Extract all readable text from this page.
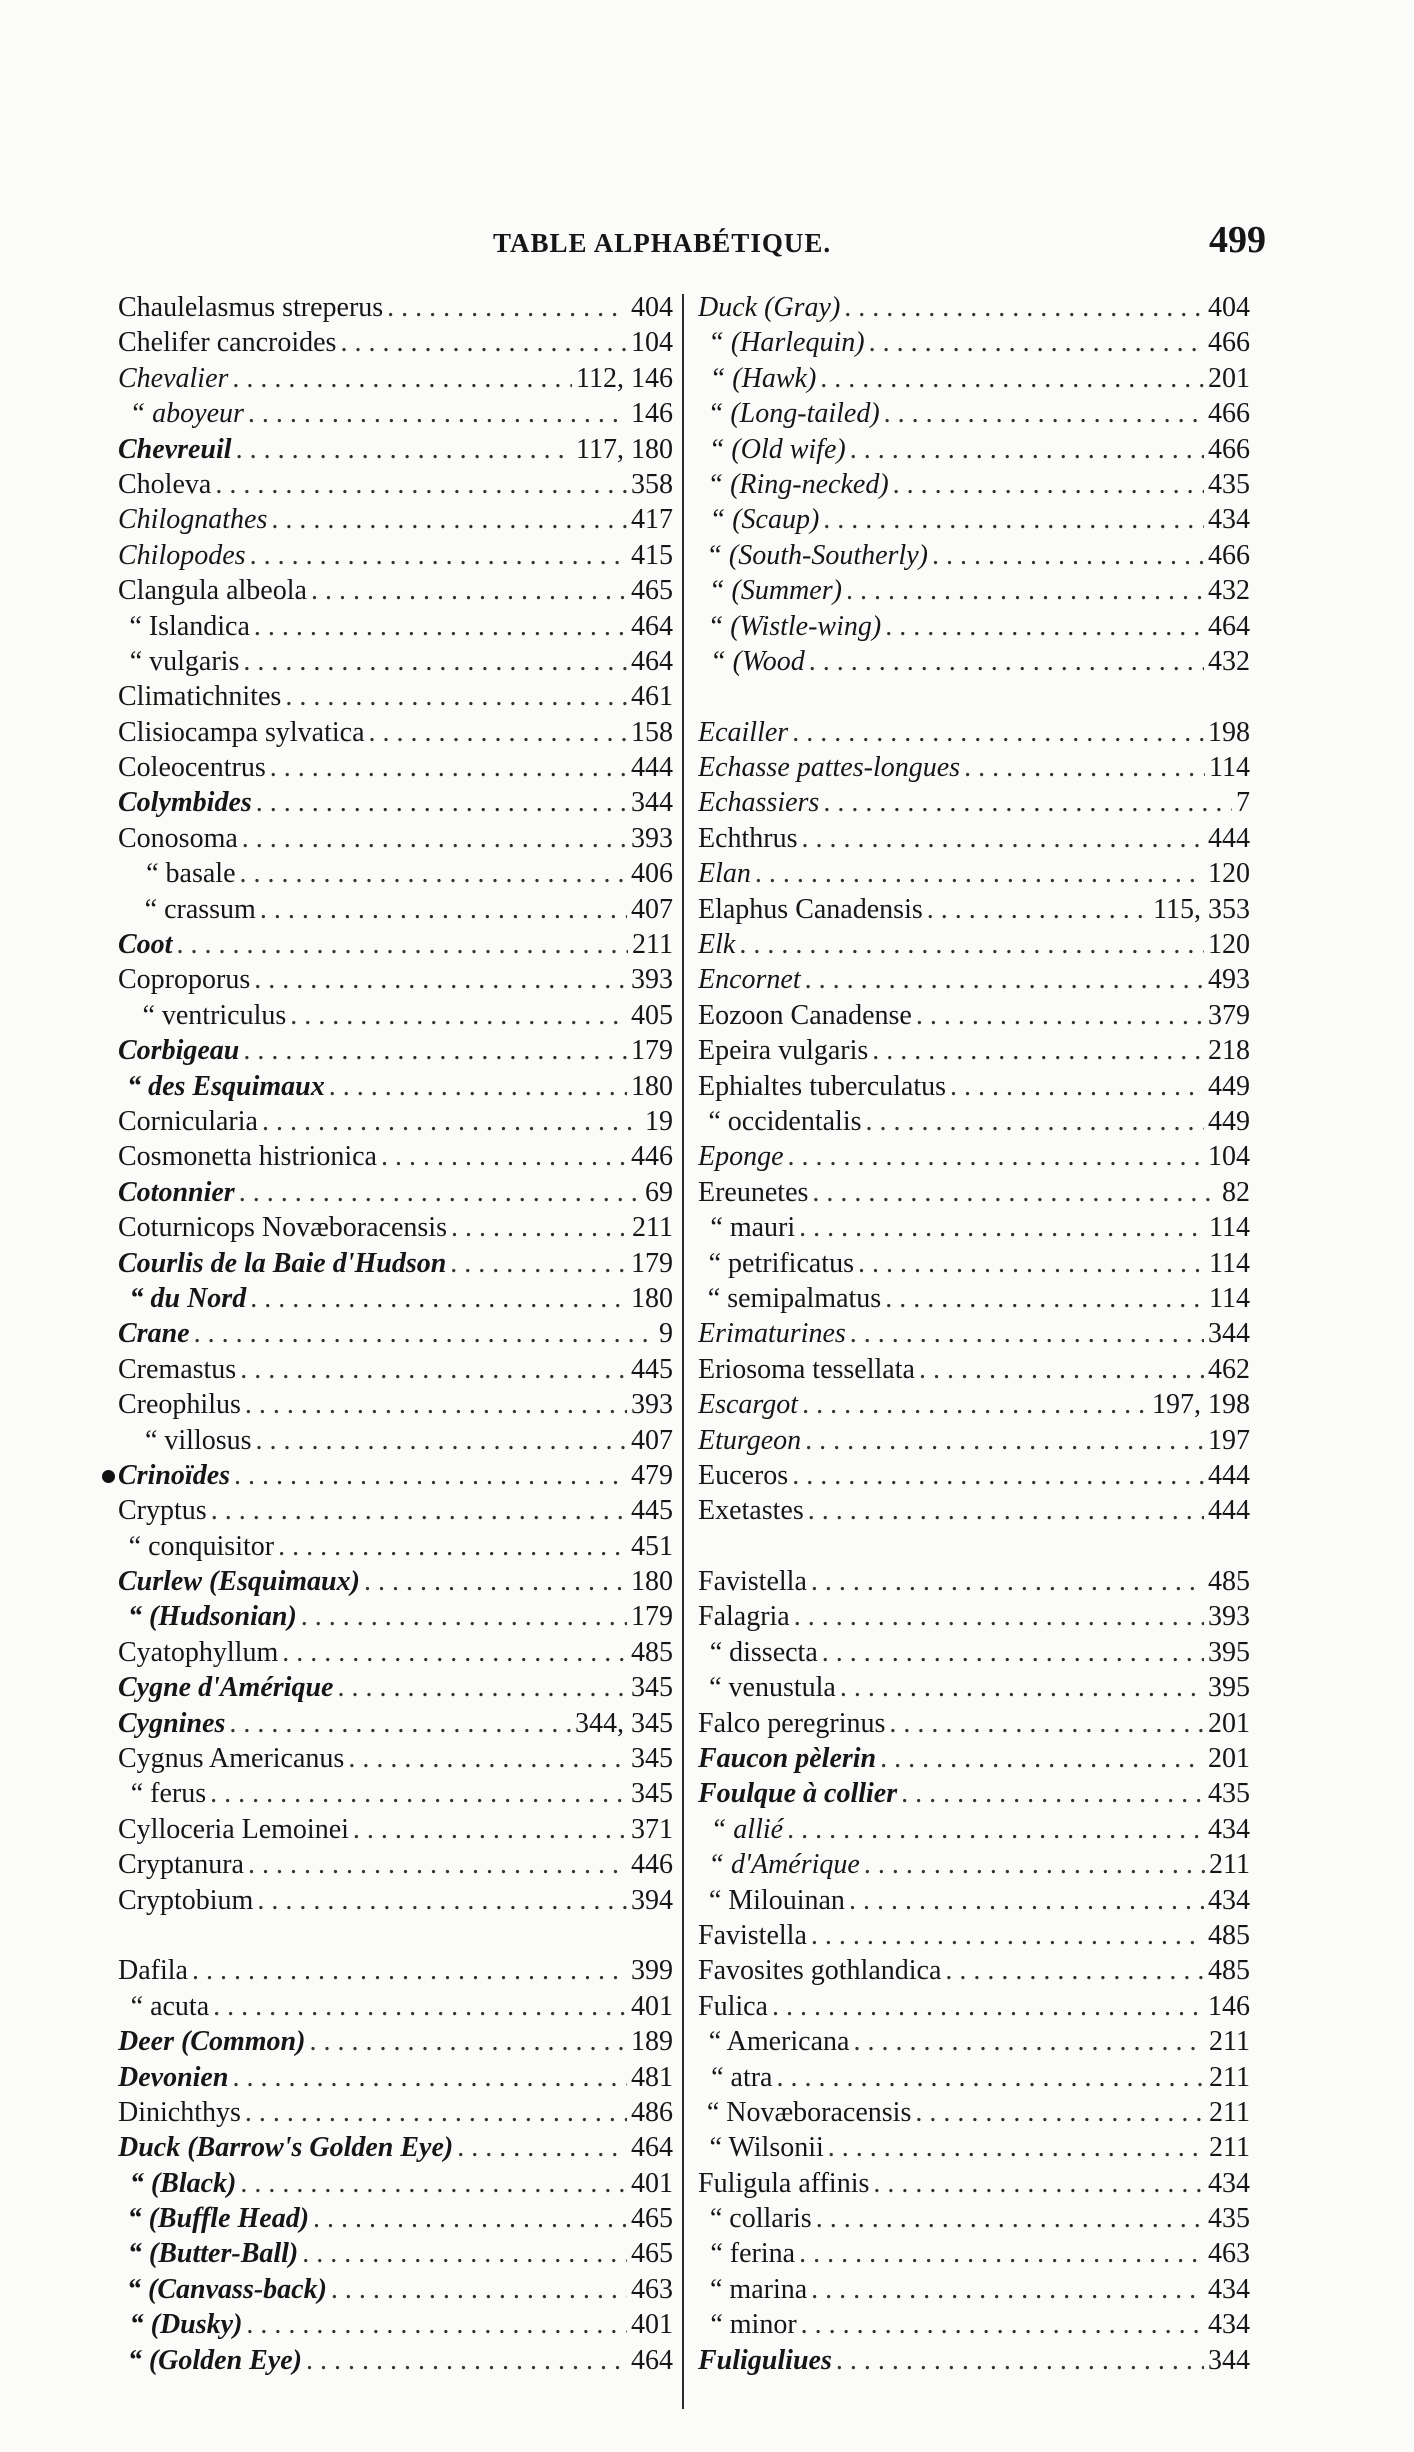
TABLE ALPHABÉTIQUE.	499
Chaulelasmus streperus . . .	404
Chelifer cancroides . . .	104
Chevalier . . .	112, 146
“ aboyeur . . .	146
Chevreuil . . .	117, 180
Choleva . . .	358
Chilognathes . . .	417
Chilopodes . . .	415
Clangula albeola . . .	465
“ Islandica . . .	464
“ vulgaris . . .	464
Climatichnites . . .	461
Clisiocampa sylvatica . . .	158
Coleocentrus . . .	444
Colymbides . . .	344
Conosoma . . .	393
“ basale . . .	406
“ crassum . . .	407
Coot . . .	211
Coproporus . . .	393
“ ventriculus . . .	405
Corbigeau . . .	179
“ des Esquimaux . . .	180
Cornicularia . . .	19
Cosmonetta histrionica . . .	446
Cotonnier . . .	69
Coturnicops Novæboracensis . . .	211
Courlis de la Baie d'Hudson . . .	179
“ du Nord . . .	180
Crane . . .	9
Cremastus . . .	445
Creophilus . . .	393
“ villosus . . .	407
Crinoïdes . . .	479
Cryptus . . .	445
“ conquisitor . . .	451
Curlew (Esquimaux) . . .	180
“ (Hudsonian) . . .	179
Cyatophyllum . . .	485
Cygne d'Amérique . . .	345
Cygnines . . .	344, 345
Cygnus Americanus . . .	345
“ ferus . . .	345
Cylloceria Lemoinei . . .	371
Cryptanura . . .	446
Cryptobium . . .	394
Dafila . . .	399
“ acuta . . .	401
Deer (Common) . . .	189
Devonien . . .	481
Dinichthys . . .	486
Duck (Barrow's Golden Eye) . . .	464
“ (Black) . . .	401
“ (Buffle Head) . . .	465
“ (Butter-Ball) . . .	465
“ (Canvass-back) . . .	463
“ (Dusky) . . .	401
“ (Golden Eye) . . .	464
Duck (Gray) . . .	404
“ (Harlequin) . . .	466
“ (Hawk) . . .	201
“ (Long-tailed) . . .	466
“ (Old wife) . . .	466
“ (Ring-necked) . . .	435
“ (Scaup) . . .	434
“ (South-Southerly) . . .	466
“ (Summer) . . .	432
“ (Wistle-wing) . . .	464
“ (Wood . . .	432
Ecailler . . .	198
Echasse pattes-longues . . .	114
Echassiers . . .	7
Echthrus . . .	444
Elan . . .	120
Elaphus Canadensis . . .	115, 353
Elk . . .	120
Encornet . . .	493
Eozoon Canadense . . .	379
Epeira vulgaris . . .	218
Ephialtes tuberculatus . . .	449
“ occidentalis . . .	449
Eponge . . .	104
Ereunetes . . .	82
“ mauri . . .	114
“ petrificatus . . .	114
“ semipalmatus . . .	114
Erimaturines . . .	344
Eriosoma tessellata . . .	462
Escargot . . .	197, 198
Eturgeon . . .	197
Euceros . . .	444
Exetastes . . .	444
Favistella . . .	485
Falagria . . .	393
“ dissecta . . .	395
“ venustula . . .	395
Falco peregrinus . . .	201
Faucon pèlerin . . .	201
Foulque à collier . . .	435
“ allié . . .	434
“ d'Amérique . . .	211
“ Milouinan . . .	434
Favistella . . .	485
Favosites gothlandica . . .	485
Fulica . . .	146
“ Americana . . .	211
“ atra . . .	211
“ Novæboracensis . . .	211
“ Wilsonii . . .	211
Fuligula affinis . . .	434
“ collaris . . .	435
“ ferina . . .	463
“ marina . . .	434
“ minor . . .	434
Fuliguliues . . .	344
